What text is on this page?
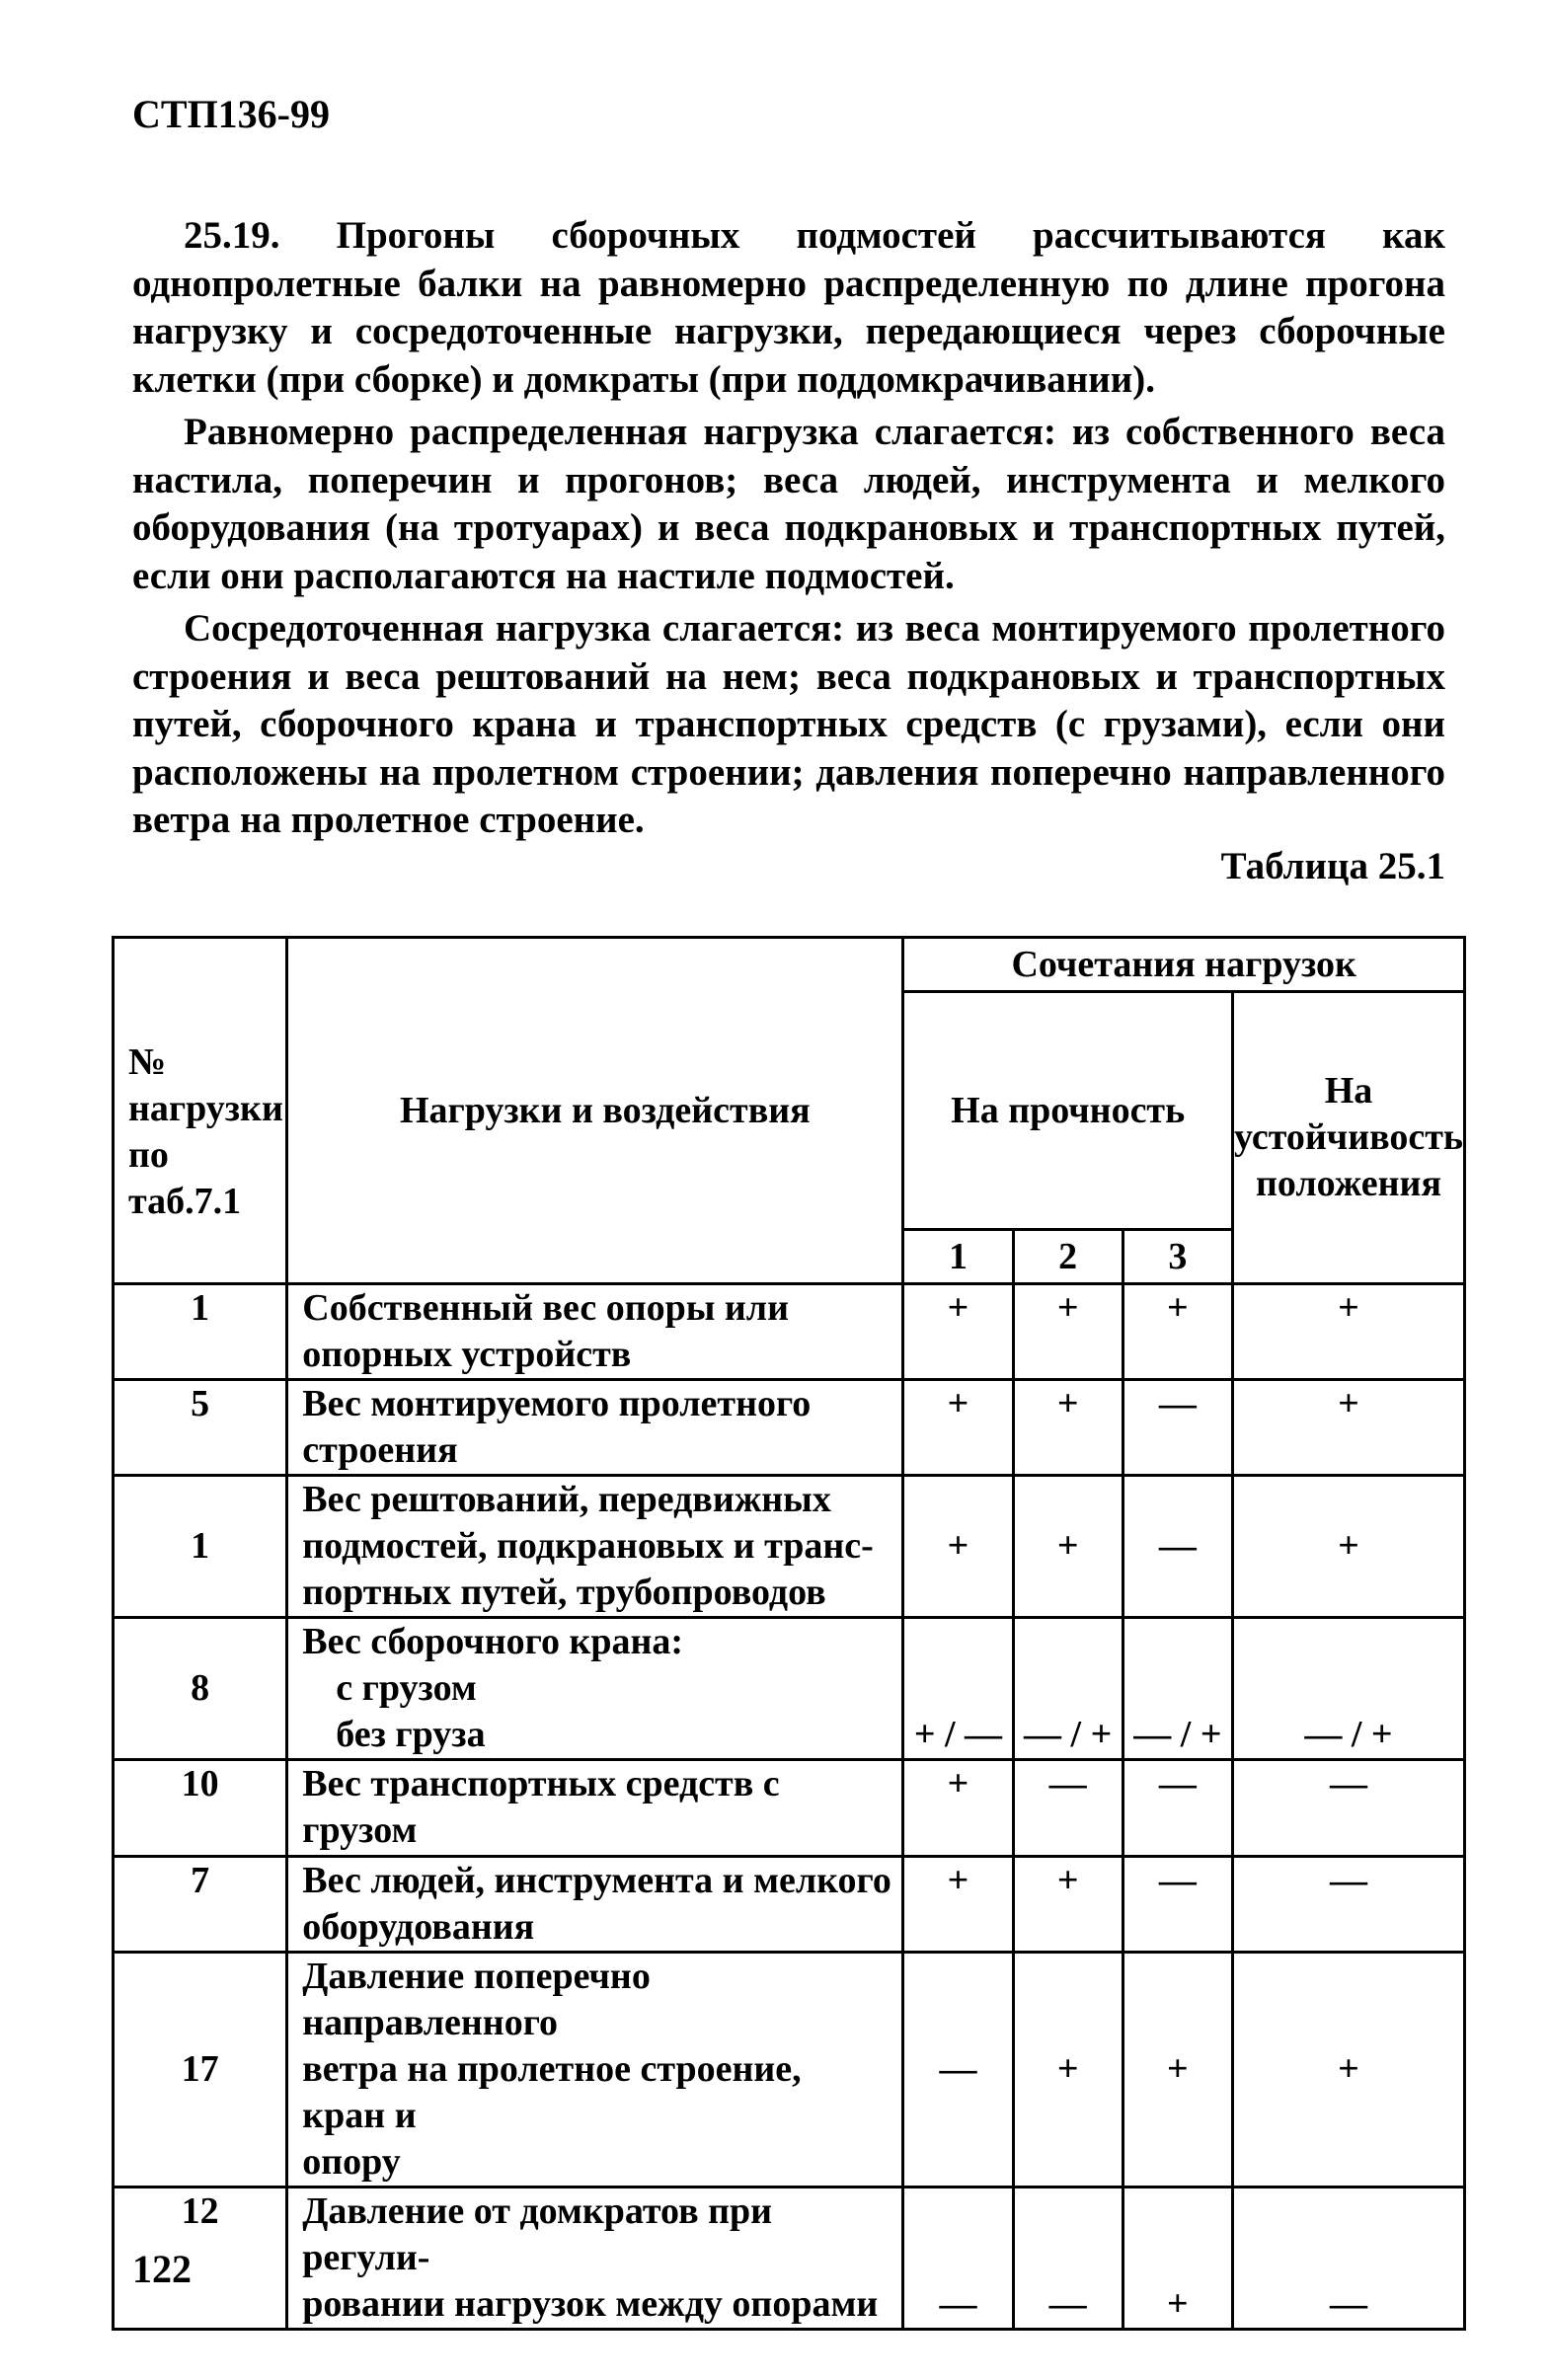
СТП136-99

25.19. Прогоны сборочных подмостей рассчитываются как однопролетные балки на равномерно распределенную по длине прогона нагрузку и сосредоточенные нагрузки, передающиеся через сборочные клетки (при сборке) и домкраты (при поддомкрачивании).

Равномерно распределенная нагрузка слагается: из собственного веса настила, поперечин и прогонов; веса людей, инструмента и мелкого оборудования (на тротуарах) и веса подкрановых и транспортных путей, если они располагаются на настиле подмостей.

Сосредоточенная нагрузка слагается: из веса монтируемого пролетного строения и веса рештований на нем; веса подкрановых и транспортных путей, сборочного крана и транспортных средств (с грузами), если они расположены на пролетном строении; давления поперечно направленного ветра на пролетное строение.

Таблица 25.1
№ нагрузки по таб.7.1	Нагрузки и воздействия	Сочетания нагрузок			
		На прочность			На устойчивость положения
		1	2	3	
1	Собственный вес опоры или опорных устройств	+	+	+	+
5	Вес монтируемого пролетного строения	+	+	—	+
1	Вес рештований, передвижных
подмостей, подкрановых и транс-
портных путей, трубопроводов	+	+	—	+
8	Вес сборочного крана:
с грузом
без груза	+ / —	— / +	— / +	— / +
10	Вес транспортных средств с грузом	+	—	—	—
7	Вес людей, инструмента и мелкого оборудования	+	+	—	—
17	Давление поперечно направленного
ветра на пролетное строение, кран и
опору	—	+	+	+
12	Давление от домкратов при регули-
ровании нагрузок между опорами	—	—	+	—
122
